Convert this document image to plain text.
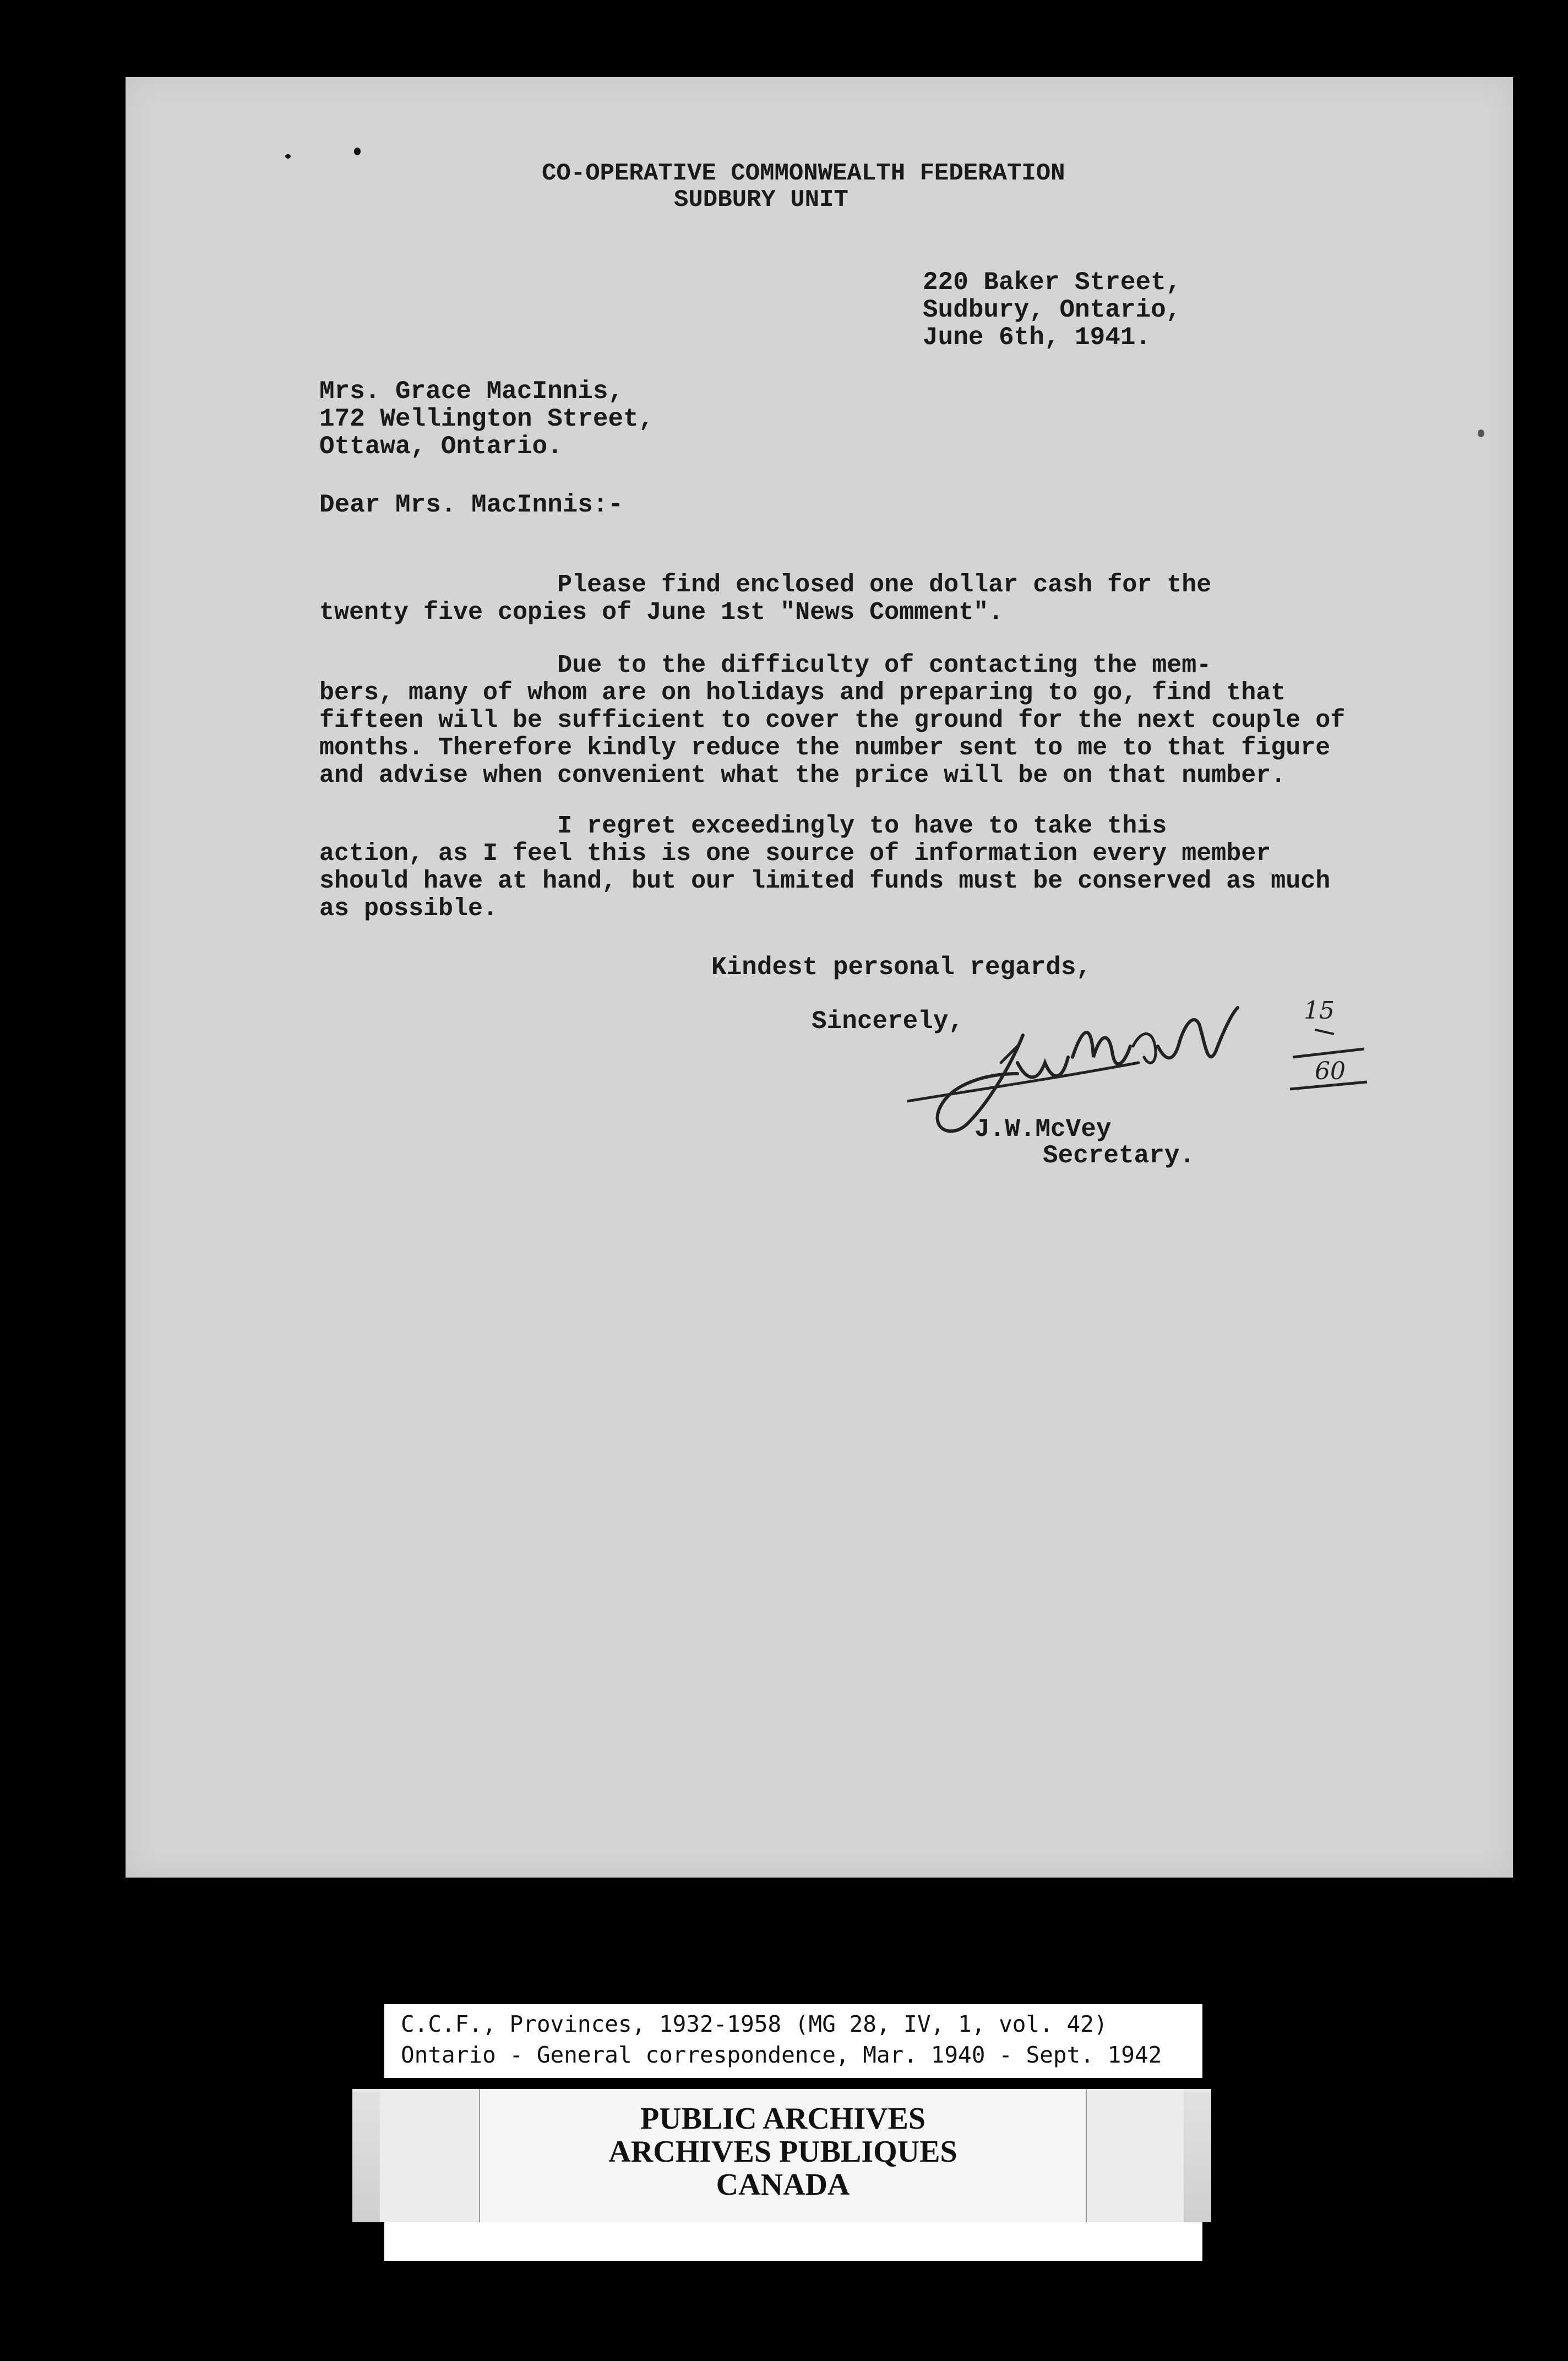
CO-OPERATIVE COMMONWEALTH FEDERATION
SUDBURY UNIT
220 Baker Street,
Sudbury, Ontario,
June 6th, 1941.
Mrs. Grace MacInnis,
172 Wellington Street,
Ottawa, Ontario.
Dear Mrs. MacInnis:-
Please find enclosed one dollar cash for the
twenty five copies of June 1st "News Comment".
Due to the difficulty of contacting the mem-
bers, many of whom are on holidays and preparing to go, find that
fifteen will be sufficient to cover the ground for the next couple of
months. Therefore kindly reduce the number sent to me to that figure
and advise when convenient what the price will be on that number.
I regret exceedingly to have to take this
action, as I feel this is one source of information every member
should have at hand, but our limited funds must be conserved as much
as possible.
Kindest personal regards,
Sincerely,	15
60
J.W.McVey
Secretary.
C.C.F., Provinces, 1932-1958 (MG 28, IV, 1, vol. 42)
Ontario - General correspondence, Mar. 1940 - Sept. 1942
PUBLIC ARCHIVES
ARCHIVES PUBLIQUES
CANADA
